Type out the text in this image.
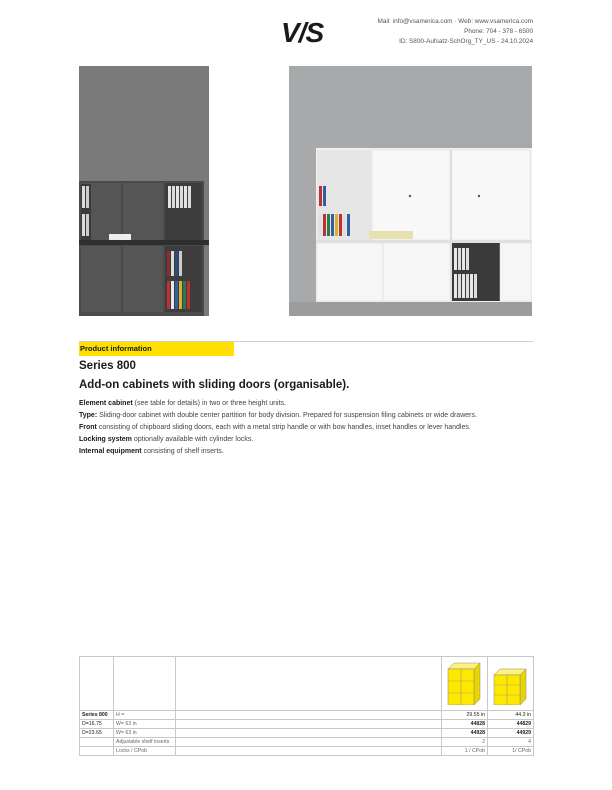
V/S	Mail: info@vsamerica.com · Web: www.vsamerica.com
Phone: 704 - 378 - 6500
ID: S800-Aufsatz-SchOrg_TY_US - 24.10.2024
Product information
Series 800
Add-on cabinets with sliding doors (organisable).

Element cabinet (see table for details) in two or three height units.

Type: Sliding-door cabinet with double center partition for body division. Prepared for suspension filing cabinets or wide drawers.

Front consisting of chipboard sliding doors, each with a metal strip handle or with bow handles, inset handles or lever handles.

Locking system optionally available with cylinder locks.

Internal equipment consisting of shelf inserts.

Series 800	H =		29.55 in	44.3 in
D=16.75	W= 63 in		44828	44829
D=23.65	W= 63 in		44928	44929
	Adjustable shelf inserts		2	4
	Locks / CPob		1 / CPob	1/ CPob
